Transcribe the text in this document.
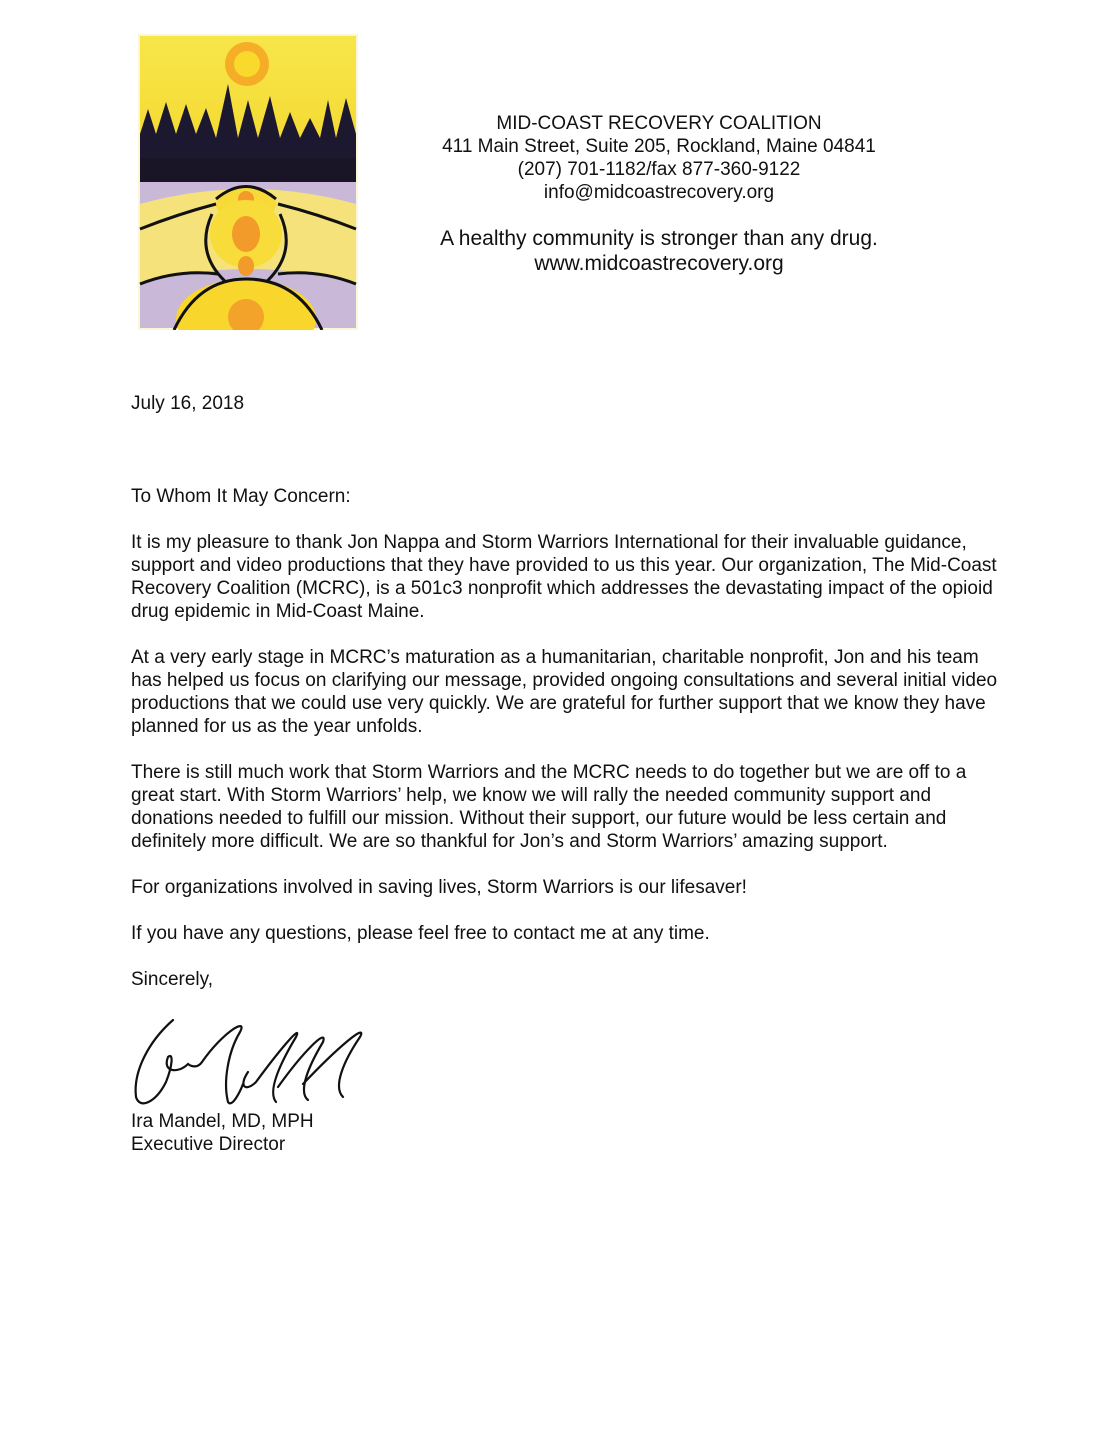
MID-COAST RECOVERY COALITION
411 Main Street, Suite 205, Rockland, Maine 04841
(207) 701-1182/fax 877-360-9122
info@midcoastrecovery.org
A healthy community is stronger than any drug.
www.midcoastrecovery.org
July 16, 2018

To Whom It May Concern:

It is my pleasure to thank Jon Nappa and Storm Warriors International for their invaluable guidance, support and video productions that they have provided to us this year. Our organization, The Mid-Coast Recovery Coalition (MCRC), is a 501c3 nonprofit which addresses the devastating impact of the opioid drug epidemic in Mid-Coast Maine.

At a very early stage in MCRC’s maturation as a humanitarian, charitable nonprofit, Jon and his team has helped us focus on clarifying our message, provided ongoing consultations and several initial video productions that we could use very quickly. We are grateful for further support that we know they have planned for us as the year unfolds.

There is still much work that Storm Warriors and the MCRC needs to do together but we are off to a great start. With Storm Warriors’ help, we know we will rally the needed community support and donations needed to fulfill our mission. Without their support, our future would be less certain and definitely more difficult. We are so thankful for Jon’s and Storm Warriors’ amazing support.

For organizations involved in saving lives, Storm Warriors is our lifesaver!

If you have any questions, please feel free to contact me at any time.

Sincerely,

Ira Mandel, MD, MPH
Executive Director
